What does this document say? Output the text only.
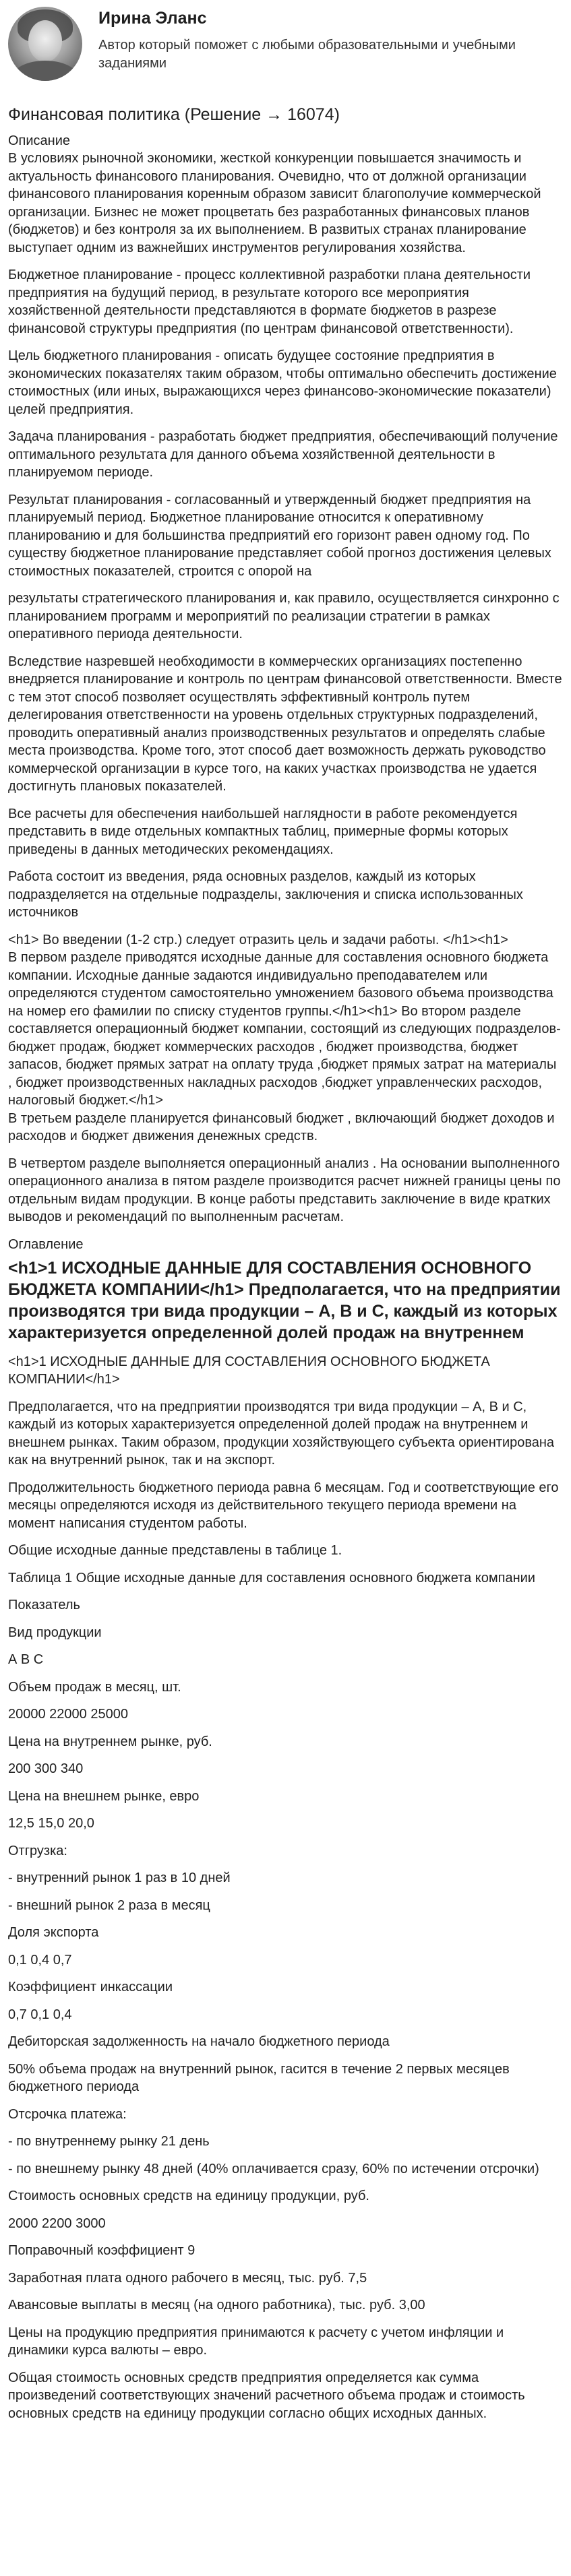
Ирина Эланс
Автор который поможет с любыми образовательными и учебными заданиями
Финансовая политика (Решение → 16074)
Описание

В условиях рыночной экономики, жесткой конкуренции повышается значимость и актуальность финансового планирования. Очевидно, что от должной организации финансового планирования коренным образом зависит благополучие коммерческой организации. Бизнес не может процветать без разработанных финансовых планов (бюджетов) и без контроля за их выполнением. В развитых странах планирование выступает одним из важнейших инструментов регулирования хозяйства.

Бюджетное планирование - процесс коллективной разработки плана деятельности предприятия на будущий период, в результате которого все мероприятия хозяйственной деятельности представляются в формате бюджетов в разрезе финансовой структуры предприятия (по центрам финансовой ответственности).

Цель бюджетного планирования - описать будущее состояние предприятия в экономических показателях таким образом, чтобы оптимально обеспечить достижение стоимостных (или иных, выражающихся через финансово-экономические показатели) целей предприятия.

Задача планирования - разработать бюджет предприятия, обеспечивающий получение оптимального результата для данного объема хозяйственной деятельности в планируемом периоде.

Результат планирования - согласованный и утвержденный бюджет предприятия на планируемый период. Бюджетное планирование относится к оперативному планированию и для большинства предприятий его горизонт равен одному год. По существу бюджетное планирование представляет собой прогноз достижения целевых стоимостных показателей, строится с опорой на

результаты стратегического планирования и, как правило, осуществляется синхронно с планированием программ и мероприятий по реализации стратегии в рамках оперативного периода деятельности.

Вследствие назревшей необходимости в коммерческих организациях постепенно внедряется планирование и контроль по центрам финансовой ответственности. Вместе с тем этот способ позволяет осуществлять эффективный контроль путем делегирования ответственности на уровень отдельных структурных подразделений, проводить оперативный анализ производственных результатов и определять слабые места производства. Кроме того, этот способ дает возможность держать руководство коммерческой организации в курсе того, на каких участках производства не удается достигнуть плановых показателей.

Все расчеты для обеспечения наибольшей наглядности в работе рекомендуется представить в виде отдельных компактных таблиц, примерные формы которых приведены в данных методических рекомендациях.

Работа состоит из введения, ряда основных разделов, каждый из которых подразделяется на отдельные подразделы, заключения и списка использованных источников

<h1> Во введении (1-2 стр.) следует отразить цель и задачи работы. </h1><h1>
В первом разделе приводятся исходные данные для составления основного бюджета компании. Исходные данные задаются индивидуально преподавателем или определяются студентом самостоятельно умножением базового объема производства на номер его фамилии по списку студентов группы.</h1><h1> Во втором разделе составляется операционный бюджет компании, состоящий из следующих подразделов- бюджет продаж, бюджет коммерческих расходов , бюджет производства, бюджет запасов, бюджет прямых затрат на оплату труда ,бюджет прямых затрат на материалы , бюджет производственных накладных расходов ,бюджет управленческих расходов, налоговый бюджет.</h1>
В третьем разделе планируется финансовый бюджет , включающий бюджет доходов и расходов и бюджет движения денежных средств.

В четвертом разделе выполняется операционный анализ . На основании выполненного операционного анализа в пятом разделе производится расчет нижней границы цены по отдельным видам продукции. В конце работы представить заключение в виде кратких выводов и рекомендаций по выполненным расчетам.

Оглавление
<h1>1 ИСХОДНЫЕ ДАННЫЕ ДЛЯ СОСТАВЛЕНИЯ ОСНОВНОГО БЮДЖЕТА КОМПАНИИ</h1> Предполагается, что на предприятии производятся три вида продукции – А, В и С, каждый из которых характеризуется определенной долей продаж на внутреннем

<h1>1 ИСХОДНЫЕ ДАННЫЕ ДЛЯ СОСТАВЛЕНИЯ ОСНОВНОГО БЮДЖЕТА КОМПАНИИ</h1>

Предполагается, что на предприятии производятся три вида продукции – А, В и С, каждый из которых характеризуется определенной долей продаж на внутреннем и внешнем рынках. Таким образом, продукции хозяйствующего субъекта ориентирована как на внутренний рынок, так и на экспорт.

Продолжительность бюджетного периода равна 6 месяцам. Год и соответствующие его месяцы определяются исходя из действительного текущего периода времени на момент написания студентом работы.

Общие исходные данные представлены в таблице 1.

Таблица 1 Общие исходные данные для составления основного бюджета компании

Показатель

Вид продукции

А В С

Объем продаж в месяц, шт.

20000 22000 25000

Цена на внутреннем рынке, руб.

200 300 340

Цена на внешнем рынке, евро

12,5 15,0 20,0

Отгрузка:

- внутренний рынок 1 раз в 10 дней

- внешний рынок 2 раза в месяц

Доля экспорта

0,1 0,4 0,7

Коэффициент инкассации

0,7 0,1 0,4

Дебиторская задолженность на начало бюджетного периода

50% объема продаж на внутренний рынок, гасится в течение 2 первых месяцев бюджетного периода

Отсрочка платежа:

- по внутреннему рынку 21 день

- по внешнему рынку 48 дней (40% оплачивается сразу, 60% по истечении отсрочки)

Стоимость основных средств на единицу продукции, руб.

2000 2200 3000

Поправочный коэффициент 9

Заработная плата одного рабочего в месяц, тыс. руб. 7,5

Авансовые выплаты в месяц (на одного работника), тыс. руб. 3,00

Цены на продукцию предприятия принимаются к расчету с учетом инфляции и динамики курса валюты – евро.

Общая стоимость основных средств предприятия определяется как сумма произведений соответствующих значений расчетного объема продаж и стоимость основных средств на единицу продукции согласно общих исходных данных.
